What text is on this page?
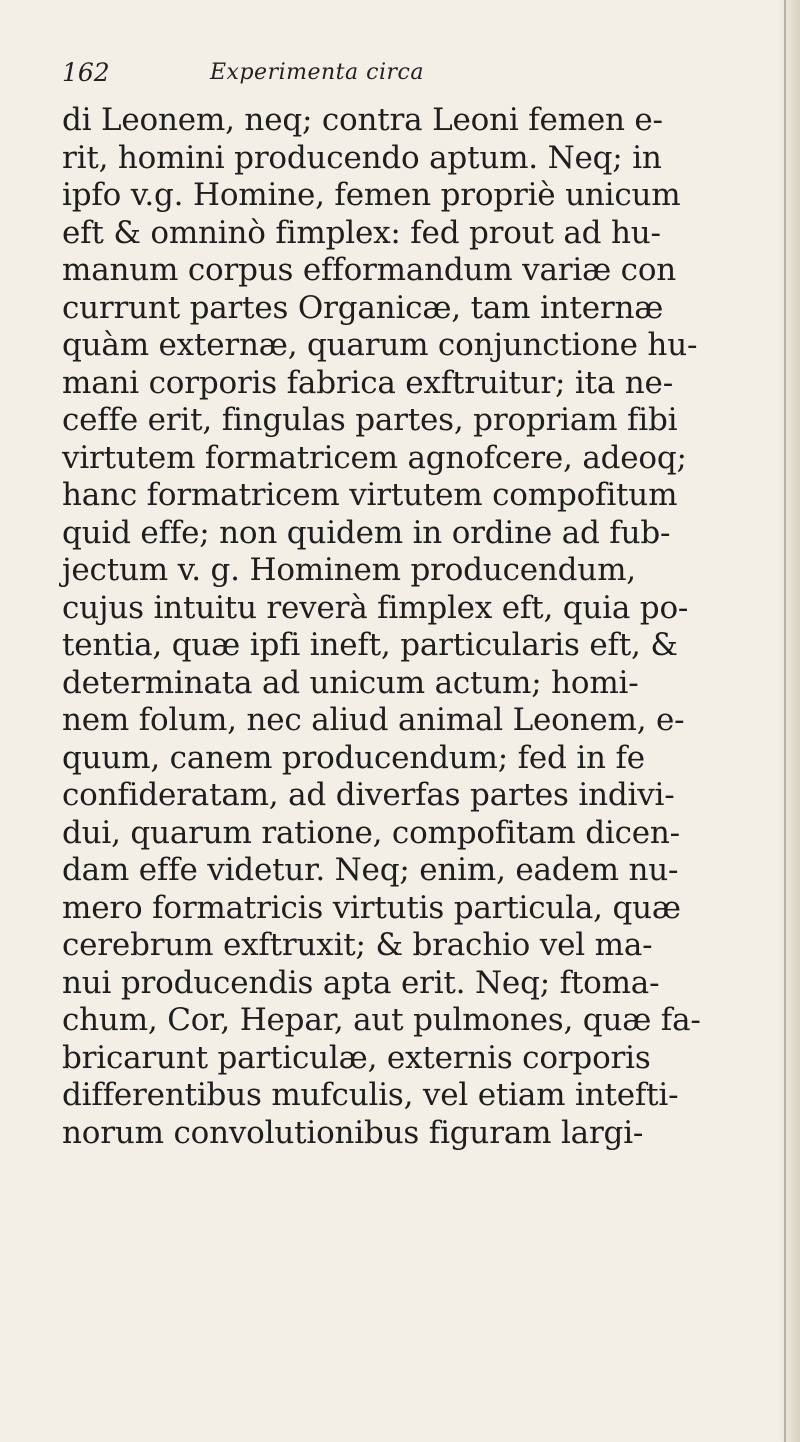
162	Experimenta circa
di Leonem, neq; contra Leoni femen e-
rit, homini producendo aptum. Neq; in
ipfo v.g. Homine, femen propriè unicum
eft & omninò fimplex: fed prout ad hu-
manum corpus efformandum variæ con
currunt partes Organicæ, tam internæ
quàm externæ, quarum conjunctione hu-
mani corporis fabrica exftruitur; ita ne-
ceffe erit, fingulas partes, propriam fibi
virtutem formatricem agnofcere, adeoq;
hanc formatricem virtutem compofitum
quid effe; non quidem in ordine ad fub-
jectum v. g. Hominem producendum,
cujus intuitu reverà fimplex eft, quia po-
tentia, quæ ipfi ineft, particularis eft, &
determinata ad unicum actum; homi-
nem folum, nec aliud animal Leonem, e-
quum, canem producendum; fed in fe
confideratam, ad diverfas partes indivi-
dui, quarum ratione, compofitam dicen-
dam effe videtur. Neq; enim, eadem nu-
mero formatricis virtutis particula, quæ
cerebrum exftruxit; & brachio vel ma-
nui producendis apta erit. Neq; ftoma-
chum, Cor, Hepar, aut pulmones, quæ fa-
bricarunt particulæ, externis corporis
differentibus mufculis, vel etiam intefti-
norum convolutionibus figuram largi-
